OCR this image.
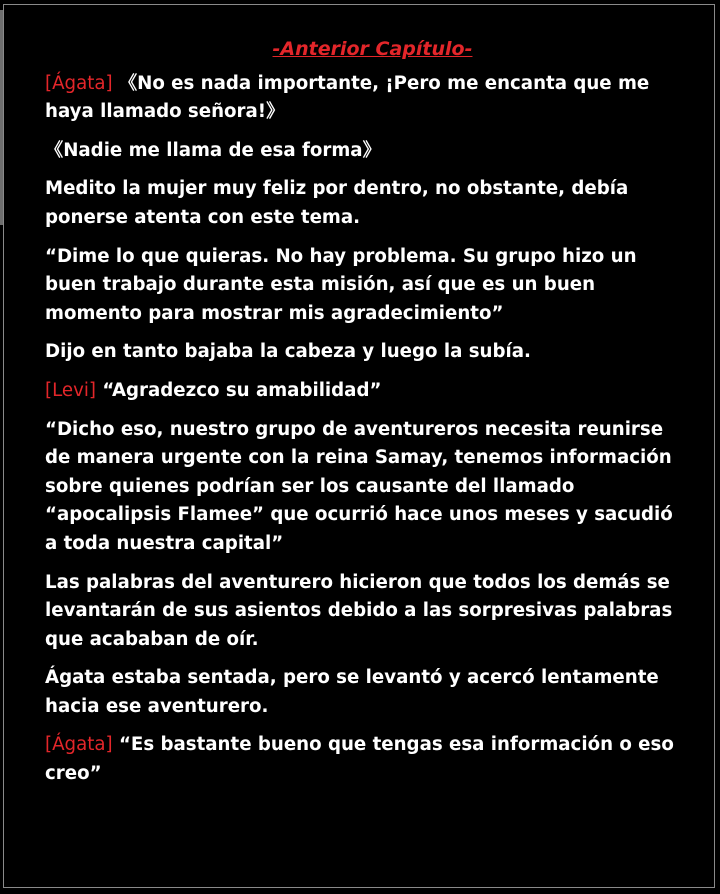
-Anterior Capítulo-

[Ágata] 《No es nada importante, ¡Pero me encanta que me haya llamado señora!》

《Nadie me llama de esa forma》

Medito la mujer muy feliz por dentro, no obstante, debía ponerse atenta con este tema.

“Dime lo que quieras. No hay problema. Su grupo hizo un buen trabajo durante esta misión, así que es un buen momento para mostrar mis agradecimiento”

Dijo en tanto bajaba la cabeza y luego la subía.

[Levi] “Agradezco su amabilidad”

“Dicho eso, nuestro grupo de aventureros necesita reunirse de manera urgente con la reina Samay, tenemos información sobre quienes podrían ser los causante del llamado “apocalipsis Flamee” que ocurrió hace unos meses y sacudió a toda nuestra capital”

Las palabras del aventurero hicieron que todos los demás se levantarán de sus asientos debido a las sorpresivas palabras que acababan de oír.

Ágata estaba sentada, pero se levantó y acercó lentamente hacia ese aventurero.

[Ágata] “Es bastante bueno que tengas esa información o eso creo”
